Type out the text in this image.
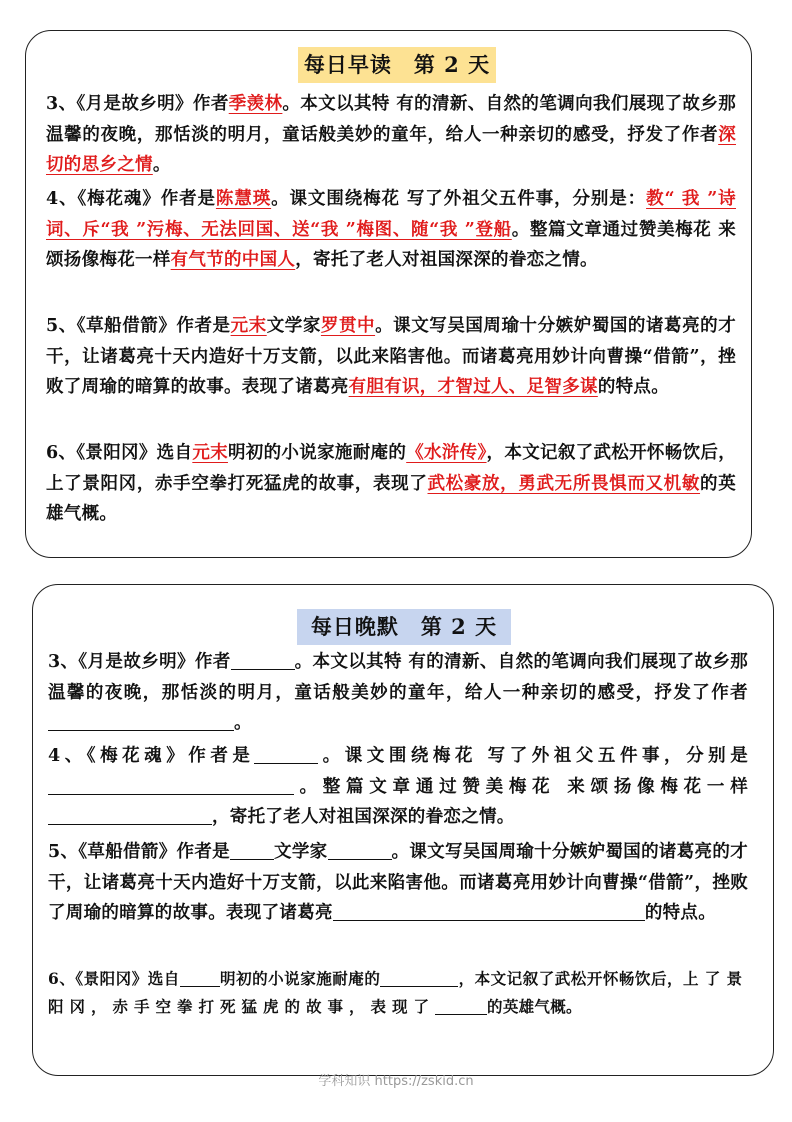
每日早读　第 2 天
3、《月是故乡明》作者季羡林。本文以其特 有的清新、自然的笔调向我们展现了故乡那温馨的夜晚，那恬淡的明月，童话般美妙的童年，给人一种亲切的感受，抒发了作者深 切的思乡之情。
4、《梅花魂》作者是陈慧瑛。课文围绕梅花 写了外祖父五件事，分别是：教“ 我 ”诗词、斥“我 ”污梅、无法回国、送“我 ”梅图、随“我 ”登船。整篇文章通过赞美梅花 来颂扬像梅花一样有气节的中国人，寄托了老人对祖国深深的眷恋之情。
5、《草船借箭》作者是元末文学家罗贯中。课文写吴国周瑜十分嫉妒蜀国的诸葛亮的才干，让诸葛亮十天内造好十万支箭，以此来陷害他。而诸葛亮用妙计向曹操“借箭”，挫败了周瑜的暗算的故事。表现了诸葛亮有胆有识，才智过人、足智多谋的特点。
6、《景阳冈》选自元末明初的小说家施耐庵的《水浒传》，本文记叙了武松开怀畅饮后，上了景阳冈，赤手空拳打死猛虎的故事，表现了武松豪放，勇武无所畏惧而又机敏的英雄气概。
每日晚默　第 2 天
3、《月是故乡明》作者	。本文以其特 有的清新、自然的笔调向我们展现了故乡那温馨的夜晚，那恬淡的明月，童话般美妙的童年，给人一种亲切的感受，抒发了作者。
4、《梅花魂》作者是	。课文围绕梅花 写了外祖父五件事，分别是。整篇文章通过赞美梅花 来颂扬像梅花一样，寄托了老人对祖国深深的眷恋之情。
5、《草船借箭》作者是	文学家	。课文写吴国周瑜十分嫉妒蜀国的诸葛亮的才干，让诸葛亮十天内造好十万支箭，以此来陷害他。而诸葛亮用妙计向曹操“借箭”，挫败了周瑜的暗算的故事。表现了诸葛亮	的特点。
6、《景阳冈》选自	明初的小说家施耐庵的	，本文记叙了武松开怀畅饮后，上了景阳冈，赤手空拳打死猛虎的故事，表现了	的英雄气概。
学科知识 https://zskid.cn
